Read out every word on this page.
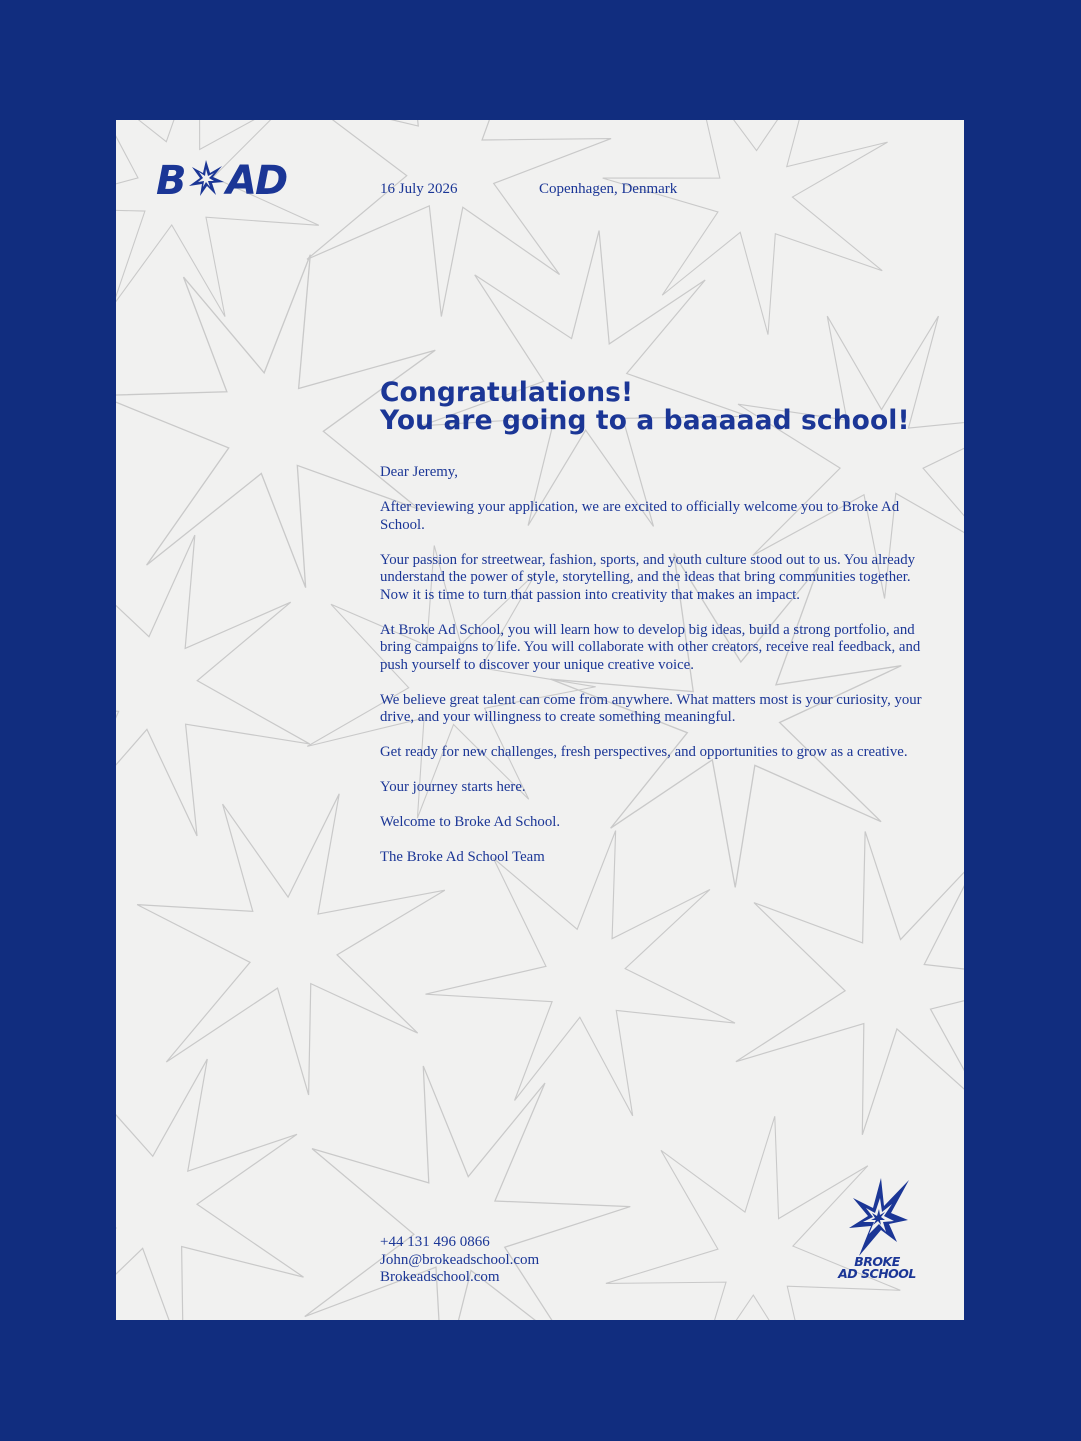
B AD	16 July 2026	Copenhagen, Denmark
Congratulations!
You are going to a baaaaad school!

Dear Jeremy,

After reviewing your application, we are excited to officially welcome you to Broke Ad School.

Your passion for streetwear, fashion, sports, and youth culture stood out to us. You already understand the power of style, storytelling, and the ideas that bring communities together. Now it is time to turn that passion into creativity that makes an impact.

At Broke Ad School, you will learn how to develop big ideas, build a strong portfolio, and bring campaigns to life. You will collaborate with other creators, receive real feedback, and push yourself to discover your unique creative voice.

We believe great talent can come from anywhere. What matters most is your curiosity, your drive, and your willingness to create something meaningful.

Get ready for new challenges, fresh perspectives, and opportunities to grow as a creative.

Your journey starts here.

Welcome to Broke Ad School.

The Broke Ad School Team

+44 131 496 0866
John@brokeadschool.com
Brokeadschool.com
BROKE
AD SCHOOL
